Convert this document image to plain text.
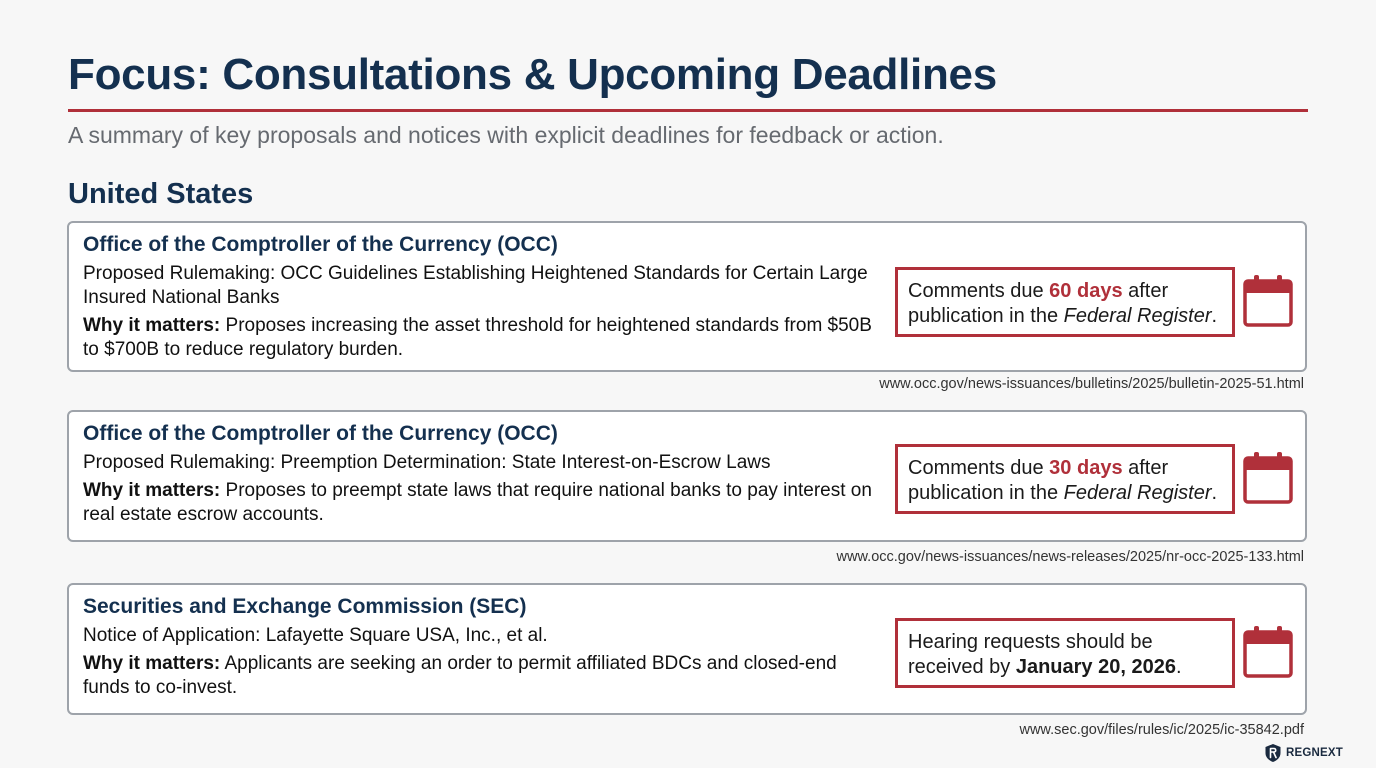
Focus: Consultations & Upcoming Deadlines
A summary of key proposals and notices with explicit deadlines for feedback or action.
United States
Office of the Comptroller of the Currency (OCC)
Proposed Rulemaking: OCC Guidelines Establishing Heightened Standards for Certain Large Insured National Banks
Why it matters: Proposes increasing the asset threshold for heightened standards from $50B to $700B to reduce regulatory burden.
Comments due 60 days after publication in the Federal Register.
www.occ.gov/news-issuances/bulletins/2025/bulletin-2025-51.html
Office of the Comptroller of the Currency (OCC)
Proposed Rulemaking: Preemption Determination: State Interest-on-Escrow Laws
Why it matters: Proposes to preempt state laws that require national banks to pay interest on real estate escrow accounts.
Comments due 30 days after publication in the Federal Register.
www.occ.gov/news-issuances/news-releases/2025/nr-occ-2025-133.html
Securities and Exchange Commission (SEC)
Notice of Application: Lafayette Square USA, Inc., et al.
Why it matters: Applicants are seeking an order to permit affiliated BDCs and closed-end funds to co-invest.
Hearing requests should be received by January 20, 2026.
www.sec.gov/files/rules/ic/2025/ic-35842.pdf
REGNEXT
